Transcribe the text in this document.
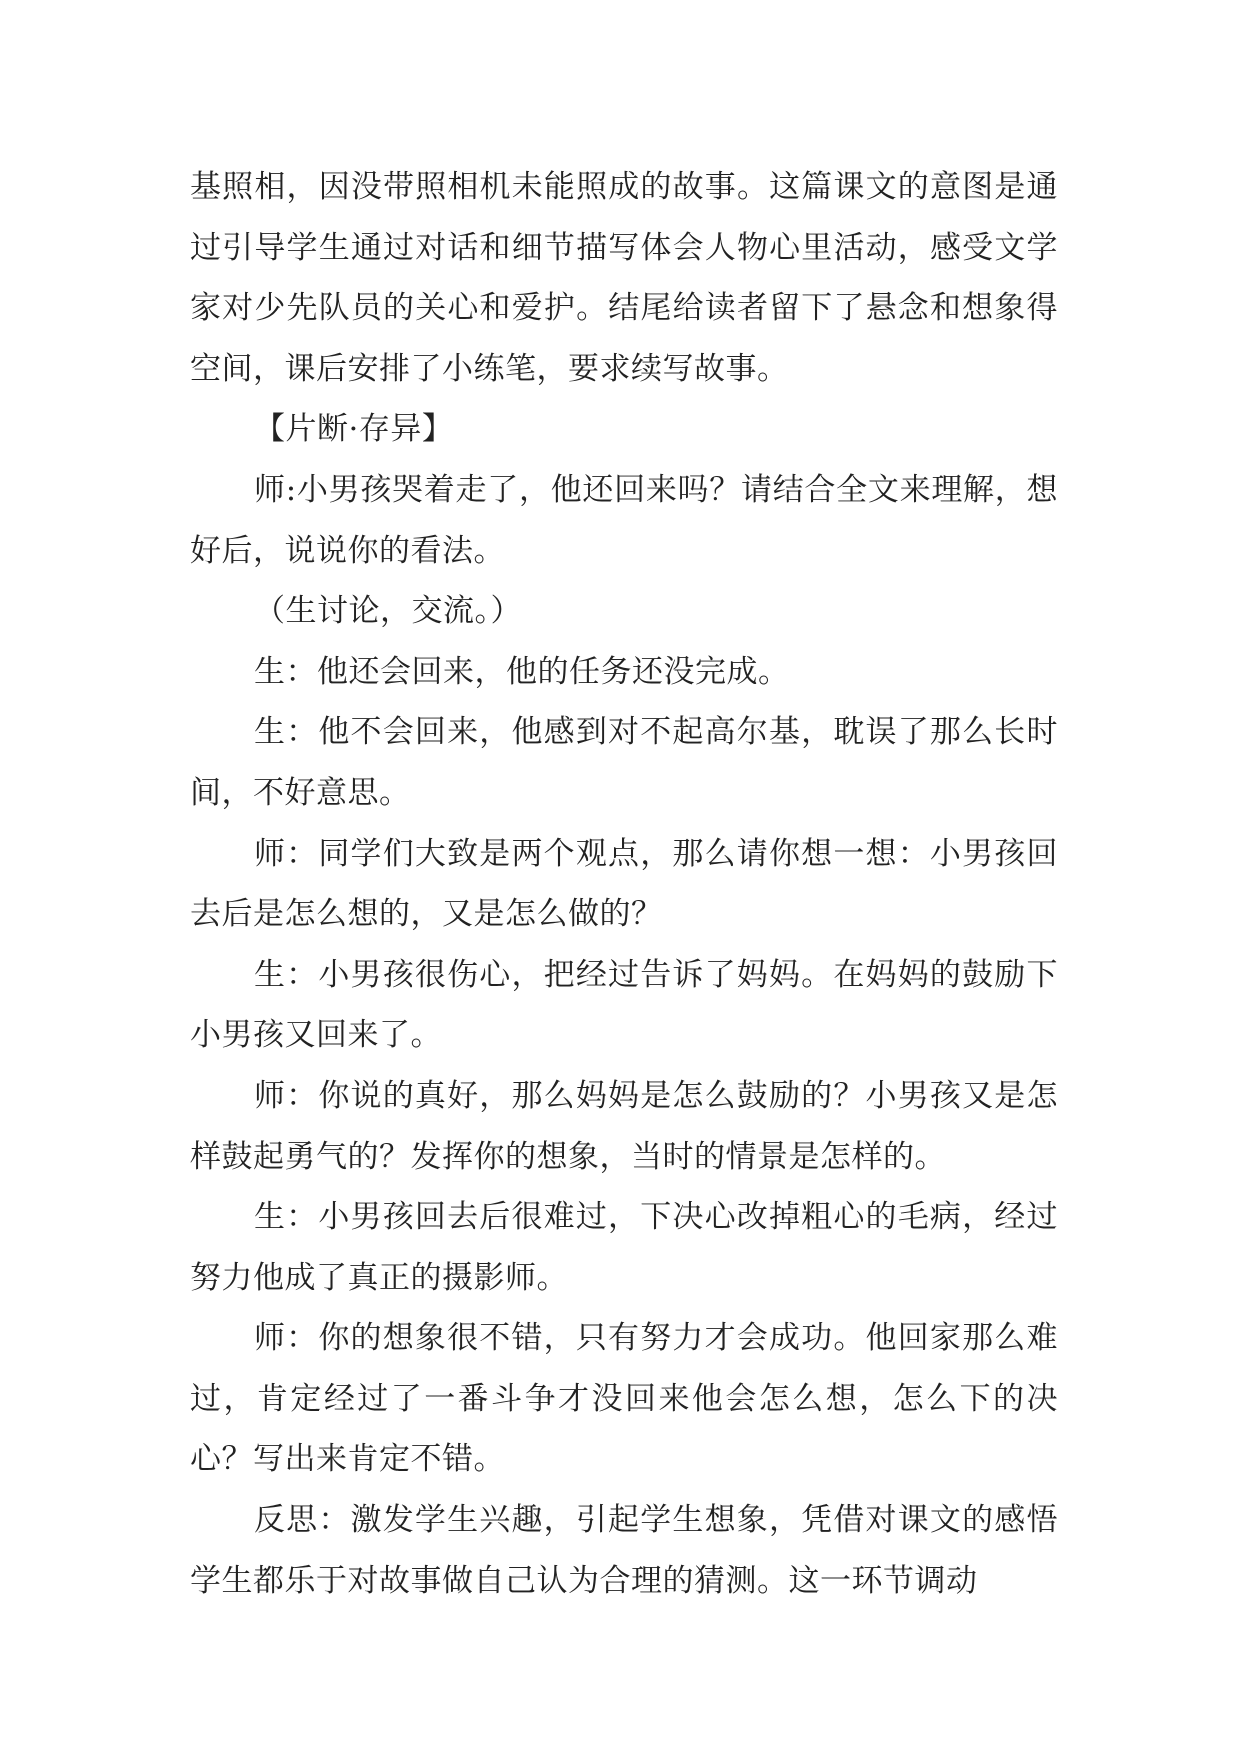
基照相，因没带照相机未能照成的故事。这篇课文的意图是通过引导学生通过对话和细节描写体会人物心里活动，感受文学家对少先队员的关心和爱护。结尾给读者留下了悬念和想象得空间，课后安排了小练笔，要求续写故事。

【片断·存异】

师:小男孩哭着走了，他还回来吗？请结合全文来理解，想好后，说说你的看法。

（生讨论，交流。）

生：他还会回来，他的任务还没完成。

生：他不会回来，他感到对不起高尔基，耽误了那么长时间，不好意思。

师：同学们大致是两个观点，那么请你想一想：小男孩回去后是怎么想的，又是怎么做的？

生：小男孩很伤心，把经过告诉了妈妈。在妈妈的鼓励下小男孩又回来了。

师：你说的真好，那么妈妈是怎么鼓励的？小男孩又是怎样鼓起勇气的？发挥你的想象，当时的情景是怎样的。

生：小男孩回去后很难过，下决心改掉粗心的毛病，经过努力他成了真正的摄影师。

师：你的想象很不错，只有努力才会成功。他回家那么难过，肯定经过了一番斗争才没回来他会怎么想，怎么下的决心？写出来肯定不错。

反思：激发学生兴趣，引起学生想象，凭借对课文的感悟学生都乐于对故事做自己认为合理的猜测。这一环节调动
